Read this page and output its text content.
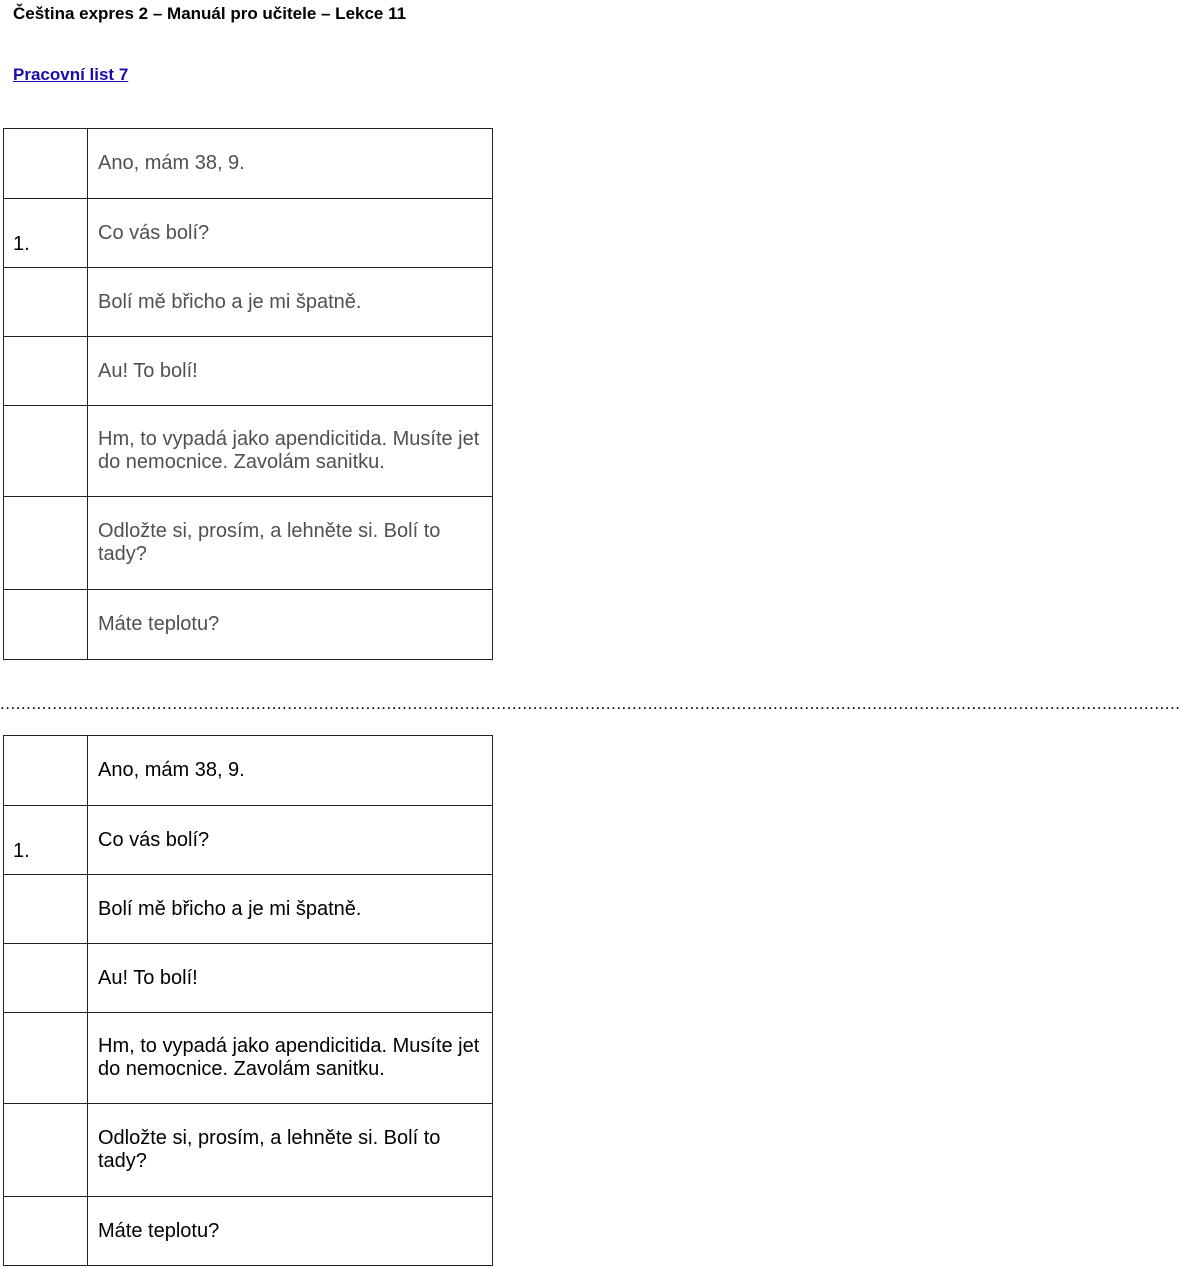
Čeština expres 2 – Manuál pro učitele – Lekce 11
Pracovní list 7
	Ano, mám 38, 9.
1.	Co vás bolí?
	Bolí mě břicho a je mi špatně.
	Au! To bolí!
	Hm, to vypadá jako apendicitida. Musíte jet do nemocnice. Zavolám sanitku.
	Odložte si, prosím, a lehněte si. Bolí to tady?
	Máte teplotu?
..................................................................................................................................................................................................................................
	Ano, mám 38, 9.
1.	Co vás bolí?
	Bolí mě břicho a je mi špatně.
	Au! To bolí!
	Hm, to vypadá jako apendicitida. Musíte jet do nemocnice. Zavolám sanitku.
	Odložte si, prosím, a lehněte si. Bolí to tady?
	Máte teplotu?
